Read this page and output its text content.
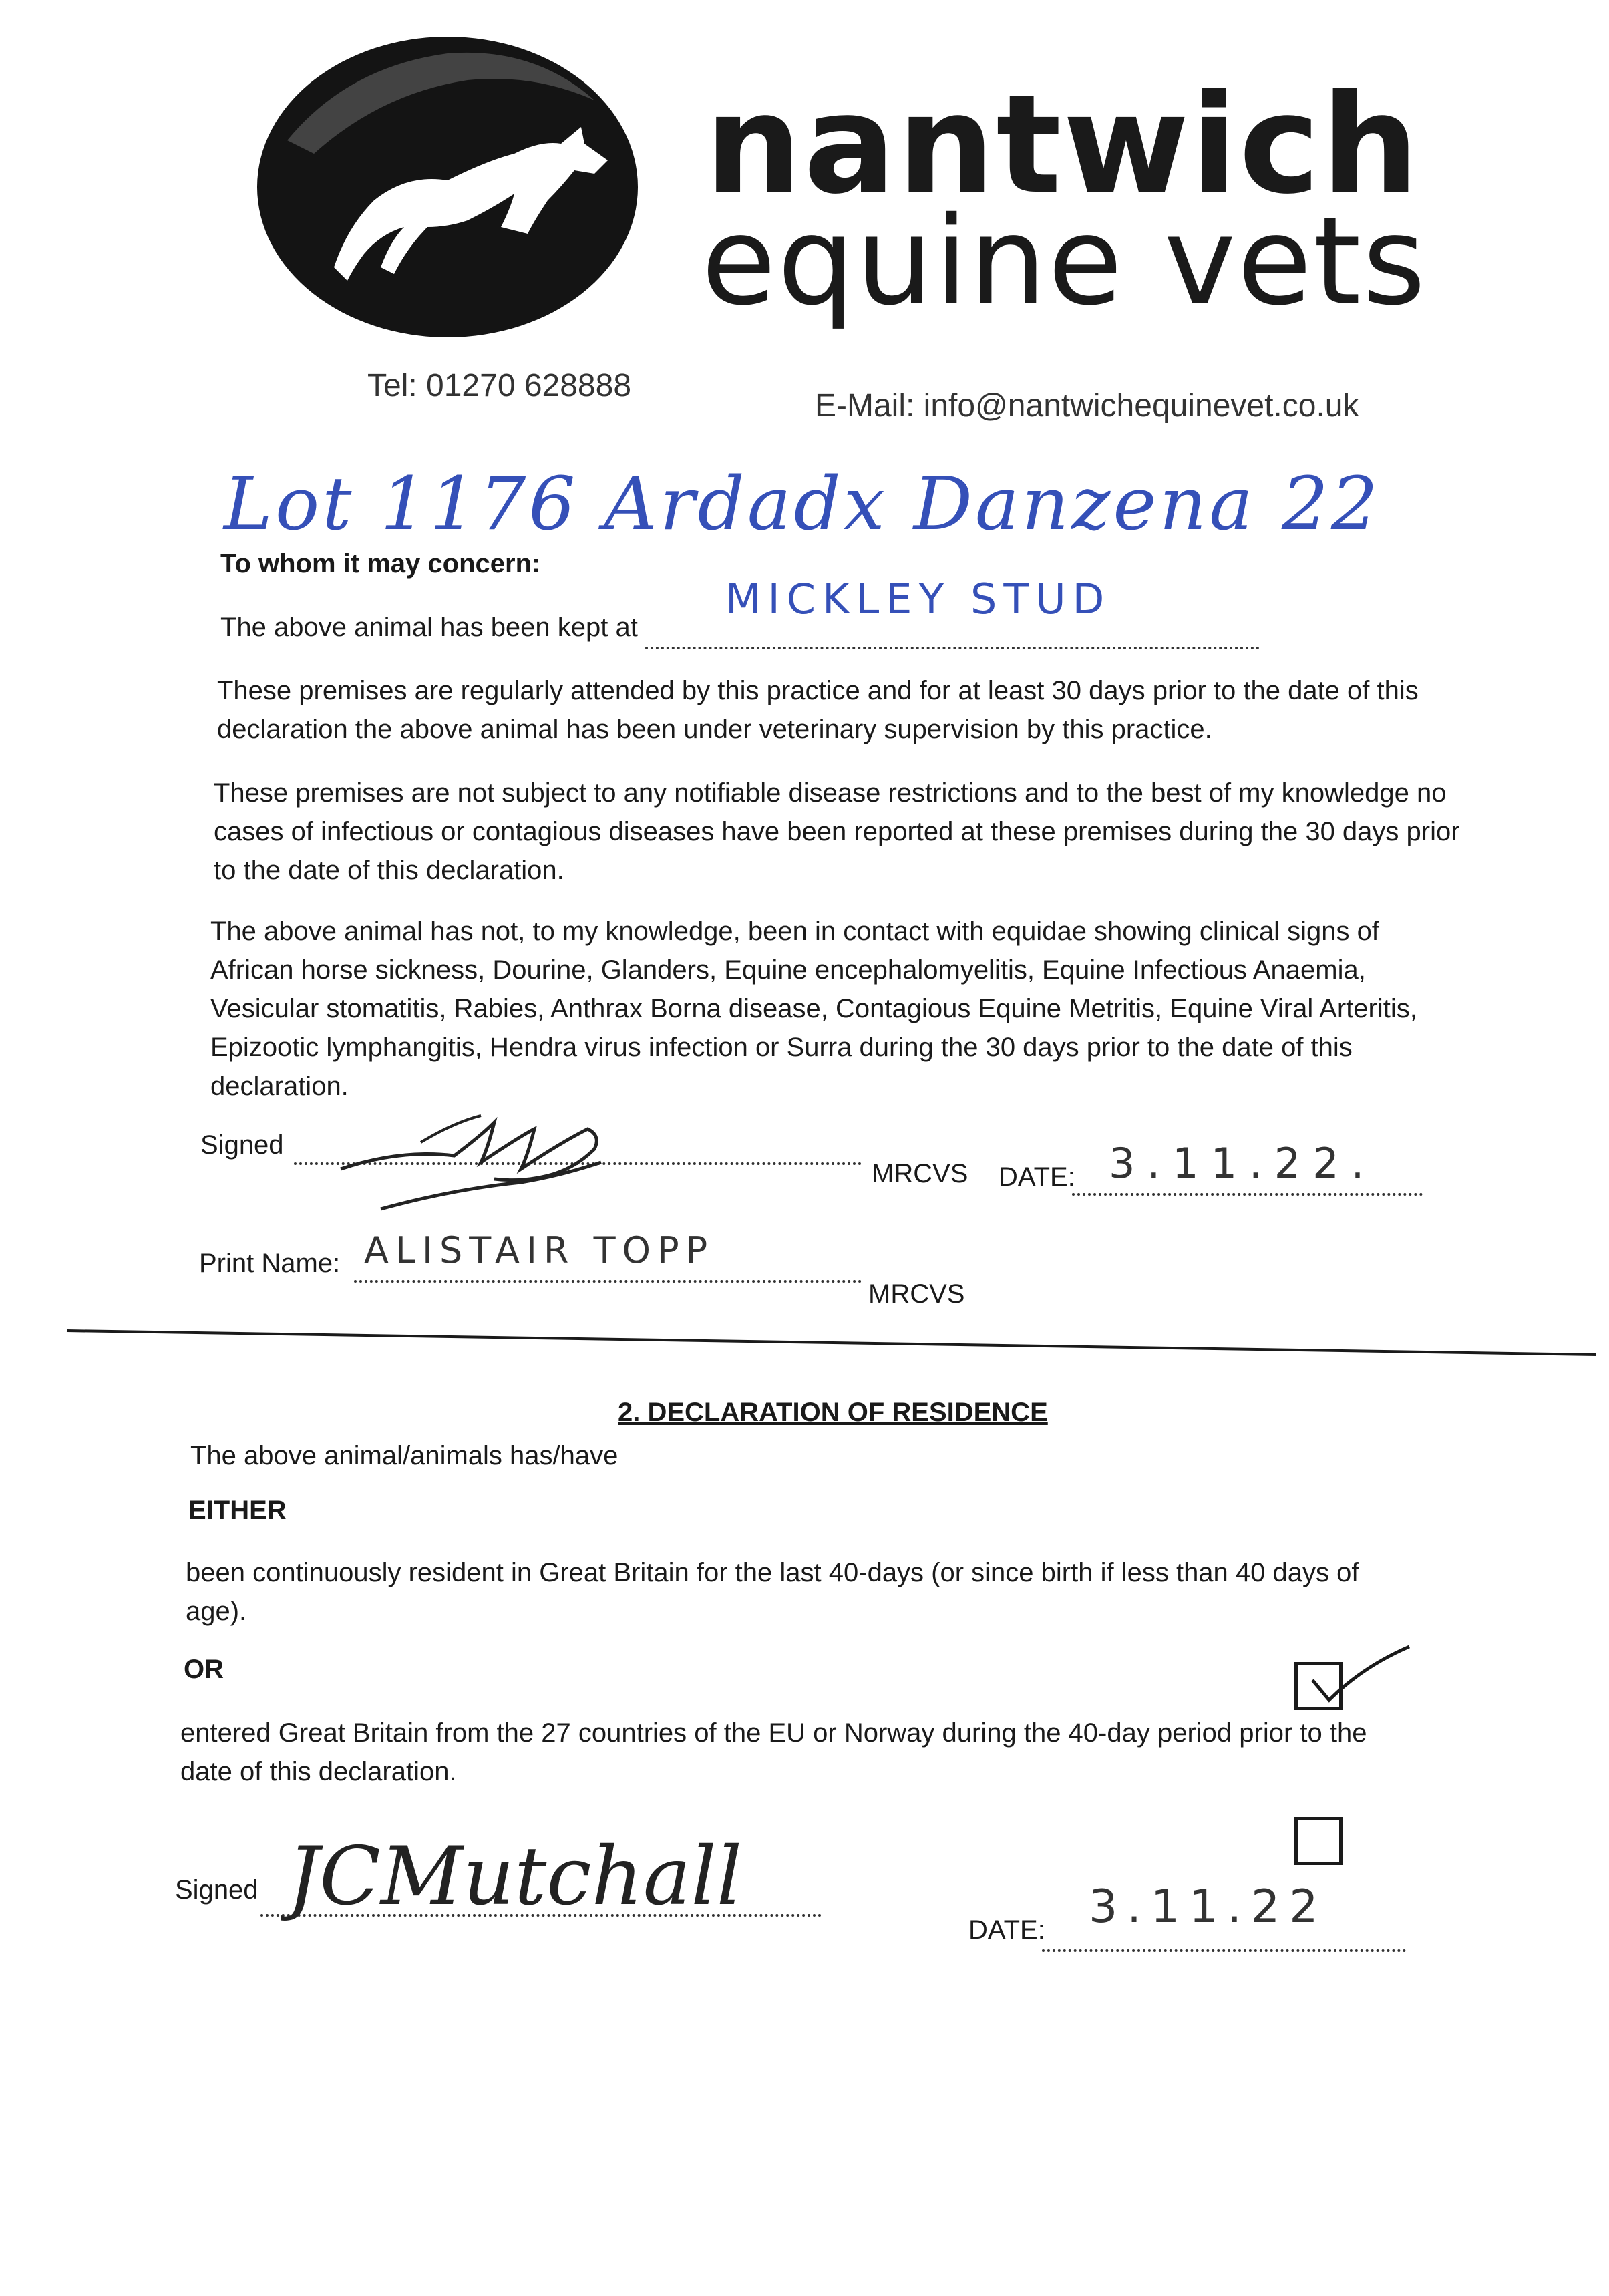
nantwich
equine vets
Tel: 01270 628888
E-Mail: info@nantwichequinevet.co.uk
Lot 1176 Ardadx Danzena 22
To whom it may concern:
The above animal has been kept at
MICKLEY STUD

These premises are regularly attended by this practice and for at least 30 days prior to the date of this declaration the above animal has been under veterinary supervision by this practice.
These premises are not subject to any notifiable disease restrictions and to the best of my knowledge no cases of infectious or contagious diseases have been reported at these premises during the 30 days prior to the date of this declaration.
The above animal has not, to my knowledge, been in contact with equidae showing clinical signs of African horse sickness, Dourine, Glanders, Equine encephalomyelitis, Equine Infectious Anaemia, Vesicular stomatitis, Rabies, Anthrax Borna disease, Contagious Equine Metritis, Equine Viral Arteritis, Epizootic lymphangitis, Hendra virus infection or Surra during the 30 days prior to the date of this declaration.
Signed
MRCVS DATE: 3.11.22.
Print Name: ALISTAIR TOPP
MRCVS
2. DECLARATION OF RESIDENCE
The above animal/animals has/have
EITHER
been continuously resident in Great Britain for the last 40-days (or since birth if less than 40 days of age).
OR
entered Great Britain from the 27 countries of the EU or Norway during the 40-day period prior to the date of this declaration.
Signed JCMutchall
DATE: 3.11.22
